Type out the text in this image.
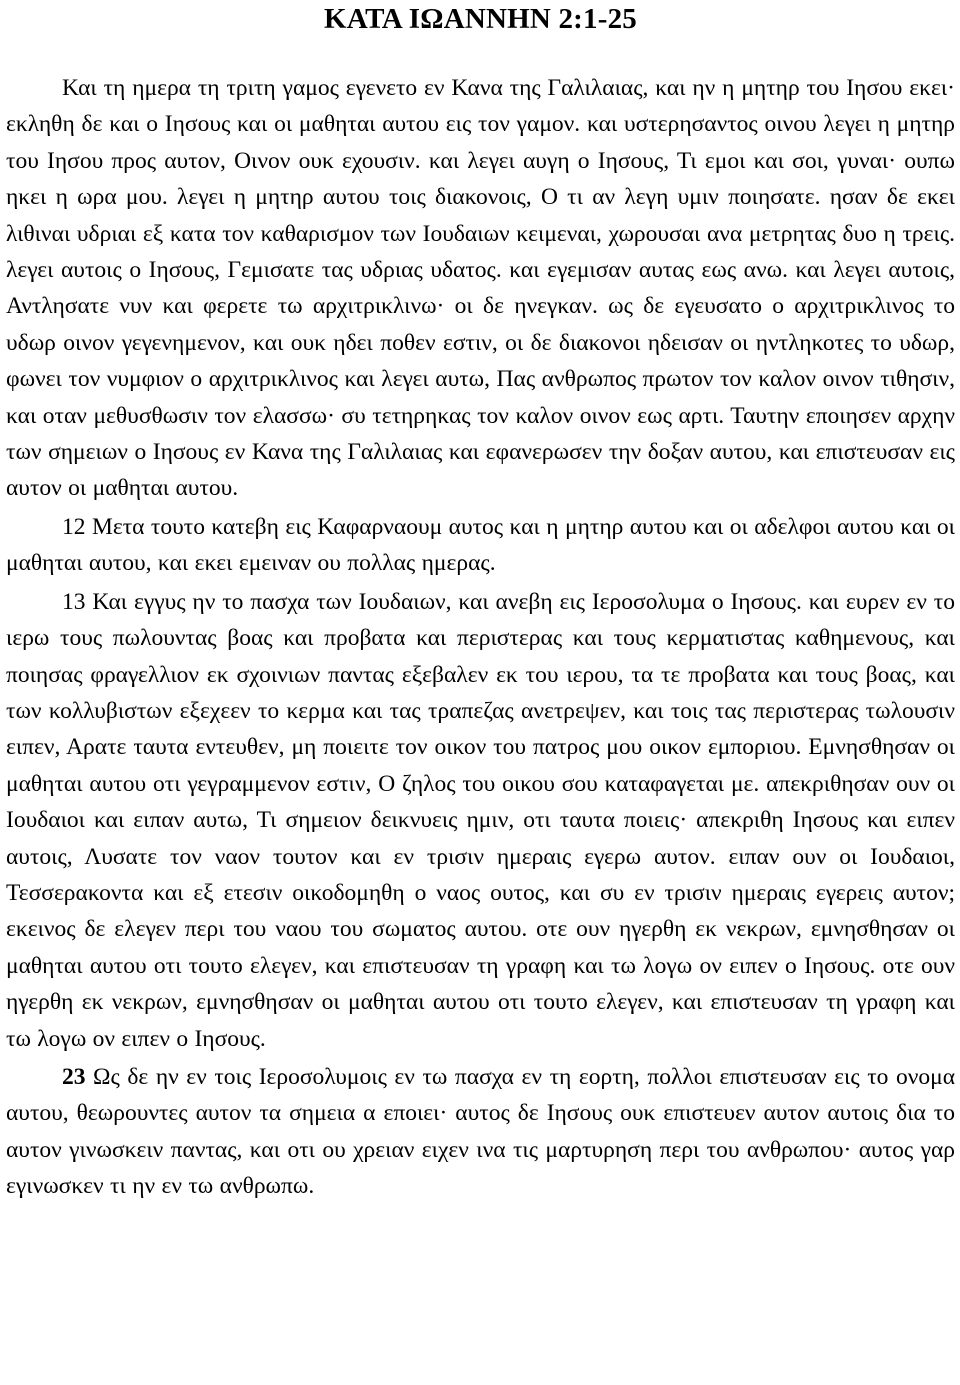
ΚΑΤΑ ΙΩΑΝΝΗΝ 2:1-25

Και τη ημερα τη τριτη γαμος εγενετο εν Κανα της Γαλιλαιας, και ην η μητηρ του Ιησου εκει· εκληθη δε και ο Ιησους και οι μαθηται αυτου εις τον γαμον. και υστερησαντος οινου λεγει η μητηρ του Ιησου προς αυτον, Οινον ουκ εχουσιν. και λεγει αυγη ο Ιησους, Τι εμοι και σοι, γυναι· ουπω ηκει η ωρα μου. λεγει η μητηρ αυτου τοις διακονοις, Ο τι αν λεγη υμιν ποιησατε. ησαν δε εκει λιθιναι υδριαι εξ κατα τον καθαρισμον των Ιουδαιων κειμεναι, χωρουσαι ανα μετρητας δυο η τρεις. λεγει αυτοις ο Ιησους, Γεμισατε τας υδριας υδατος. και εγεμισαν αυτας εως ανω. και λεγει αυτοις, Αντλησατε νυν και φερετε τω αρχιτρικλινω· οι δε ηνεγκαν. ως δε εγευσατο ο αρχιτρικλινος το υδωρ οινον γεγενημενον, και ουκ ηδει ποθεν εστιν, οι δε διακονοι ηδεισαν οι ηντληκοτες το υδωρ, φωνει τον νυμφιον ο αρχιτρικλινος και λεγει αυτω, Πας ανθρωπος πρωτον τον καλον οινον τιθησιν, και οταν μεθυσθωσιν τον ελασσω· συ τετηρηκας τον καλον οινον εως αρτι. Ταυτην εποιησεν αρχην των σημειων ο Ιησους εν Κανα της Γαλιλαιας και εφανερωσεν την δοξαν αυτου, και επιστευσαν εις αυτον οι μαθηται αυτου.

12 Μετα τουτο κατεβη εις Καφαρναουμ αυτος και η μητηρ αυτου και οι αδελφοι αυτου και οι μαθηται αυτου, και εκει εμειναν ου πολλας ημερας.

13 Και εγγυς ην το πασχα των Ιουδαιων, και ανεβη εις Ιεροσολυμα ο Ιησους. και ευρεν εν το ιερω τους πωλουντας βοας και προβατα και περιστερας και τους κερματιστας καθημενους, και ποιησας φραγελλιον εκ σχοινιων παντας εξεβαλεν εκ του ιερου, τα τε προβατα και τους βοας, και των κολλυβιστων εξεχεεν το κερμα και τας τραπεζας ανετρεψεν, και τοις τας περιστερας τωλουσιν ειπεν, Αρατε ταυτα εντευθεν, μη ποιειτε τον οικον του πατρος μου οικον εμποριου. Εμνησθησαν οι μαθηται αυτου οτι γεγραμμενον εστιν, Ο ζηλος του οικου σου καταφαγεται με. απεκριθησαν ουν οι Ιουδαιοι και ειπαν αυτω, Τι σημειον δεικνυεις ημιν, οτι ταυτα ποιεις· απεκριθη Ιησους και ειπεν αυτοις, Λυσατε τον ναον τουτον και εν τρισιν ημεραις εγερω αυτον. ειπαν ουν οι Ιουδαιοι, Τεσσερακοντα και εξ ετεσιν οικοδομηθη ο ναος ουτος, και συ εν τρισιν ημεραις εγερεις αυτον; εκεινος δε ελεγεν περι του ναου του σωματος αυτου. οτε ουν ηγερθη εκ νεκρων, εμνησθησαν οι μαθηται αυτου οτι τουτο ελεγεν, και επιστευσαν τη γραφη και τω λογω ον ειπεν ο Ιησους. οτε ουν ηγερθη εκ νεκρων, εμνησθησαν οι μαθηται αυτου οτι τουτο ελεγεν, και επιστευσαν τη γραφη και τω λογω ον ειπεν ο Ιησους.

23 Ως δε ην εν τοις Ιεροσολυμοις εν τω πασχα εν τη εορτη, πολλοι επιστευσαν εις το ονομα αυτου, θεωρουντες αυτον τα σημεια α εποιει· αυτος δε Ιησους ουκ επιστευεν αυτον αυτοις δια το αυτον γινωσκειν παντας, και οτι ου χρειαν ειχεν ινα τις μαρτυρηση περι του ανθρωπου· αυτος γαρ εγινωσκεν τι ην εν τω ανθρωπω.
